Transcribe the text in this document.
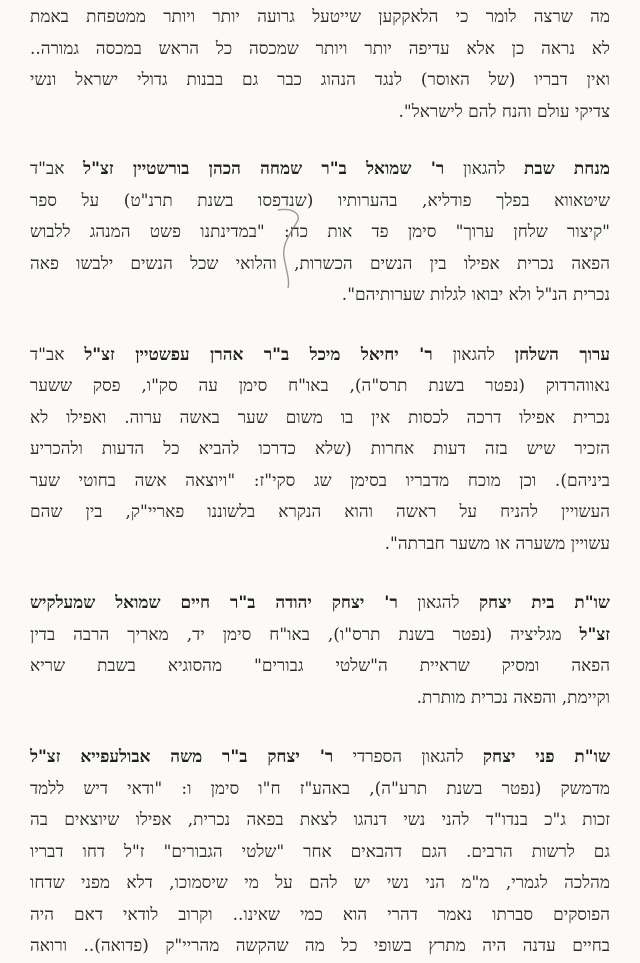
מה שרצה לומר כי הלאקקען שייטעל גרועה יותר ויותר ממטפחת באמת
לא נראה כן אלא עדיפה יותר ויותר שמכסה כל הראש במכסה גמורה..
ואין דבריו (של האוסר) לנגד הנהוג כבר גם בבנות גדולי ישראל ונשי
צדיקי עולם והנח להם לישראל".
מנחת שבת להגאון ר' שמואל ב"ר שמחה הכהן בורשטיין זצ"ל אב"ד
שיטאווא בפלך פודליא, בהערותיו (שנדפסו בשנת תרנ"ט) על ספר
"קיצור שלחן ערוך" סימן פד אות כח: "במדינתנו פשט המנהג ללבוש
הפאה נכרית אפילו בין הנשים הכשרות, והלואי שכל הנשים ילבשו פאה
נכרית הנ"ל ולא יבואו לגלות שערותיהם".
ערוך השלחן להגאון ר' יחיאל מיכל ב"ר אהרן עפשטיין זצ"ל אב"ד
נאווהרדוק (נפטר בשנת תרס"ה), באו"ח סימן עה סק"ו, פסק ששער
נכרית אפילו דרכה לכסות אין בו משום שער באשה ערוה. ואפילו לא
הזכיר שיש בזה דעות אחרות (שלא כדרכו להביא כל הדעות ולהכריע
ביניהם). וכן מוכח מדבריו בסימן שג סקי"ז: "ויוצאה אשה בחוטי שער
העשויין להניח על ראשה והוא הנקרא בלשוננו פאריי"ק, בין שהם
עשויין משערה או משער חברתה".
שו"ת בית יצחק להגאון ר' יצחק יהודה ב"ר חיים שמואל שמעלקיש
זצ"ל מגליציה (נפטר בשנת תרס"ו), באו"ח סימן יד, מאריך הרבה בדין
הפאה ומסיק שראיית ה"שלטי גבורים" מהסוגיא בשבת שריא
וקיימת, והפאה נכרית מותרת.
שו"ת פני יצחק להגאון הספרדי ר' יצחק ב"ר משה אבולעפייא זצ"ל
מדמשק (נפטר בשנת תרע"ה), באהע"ז ח"ו סימן ו: "ודאי דיש ללמד
זכות ג"כ בנדו"ד להני נשי דנהגו לצאת בפאה נכרית, אפילו שיוצאים בה
גם לרשות הרבים. הגם דהבאים אחר "שלטי הגבורים" ז"ל דחו דבריו
מהלכה לגמרי, מ"מ הני נשי יש להם על מי שיסמוכו, דלא מפני שדחו
הפוסקים סברתו נאמר דהרי הוא כמי שאינו.. וקרוב לודאי דאם היה
בחיים עדנה היה מתרץ בשופי כל מה שהקשה מהריי"ק (פדואה).. ורואה
